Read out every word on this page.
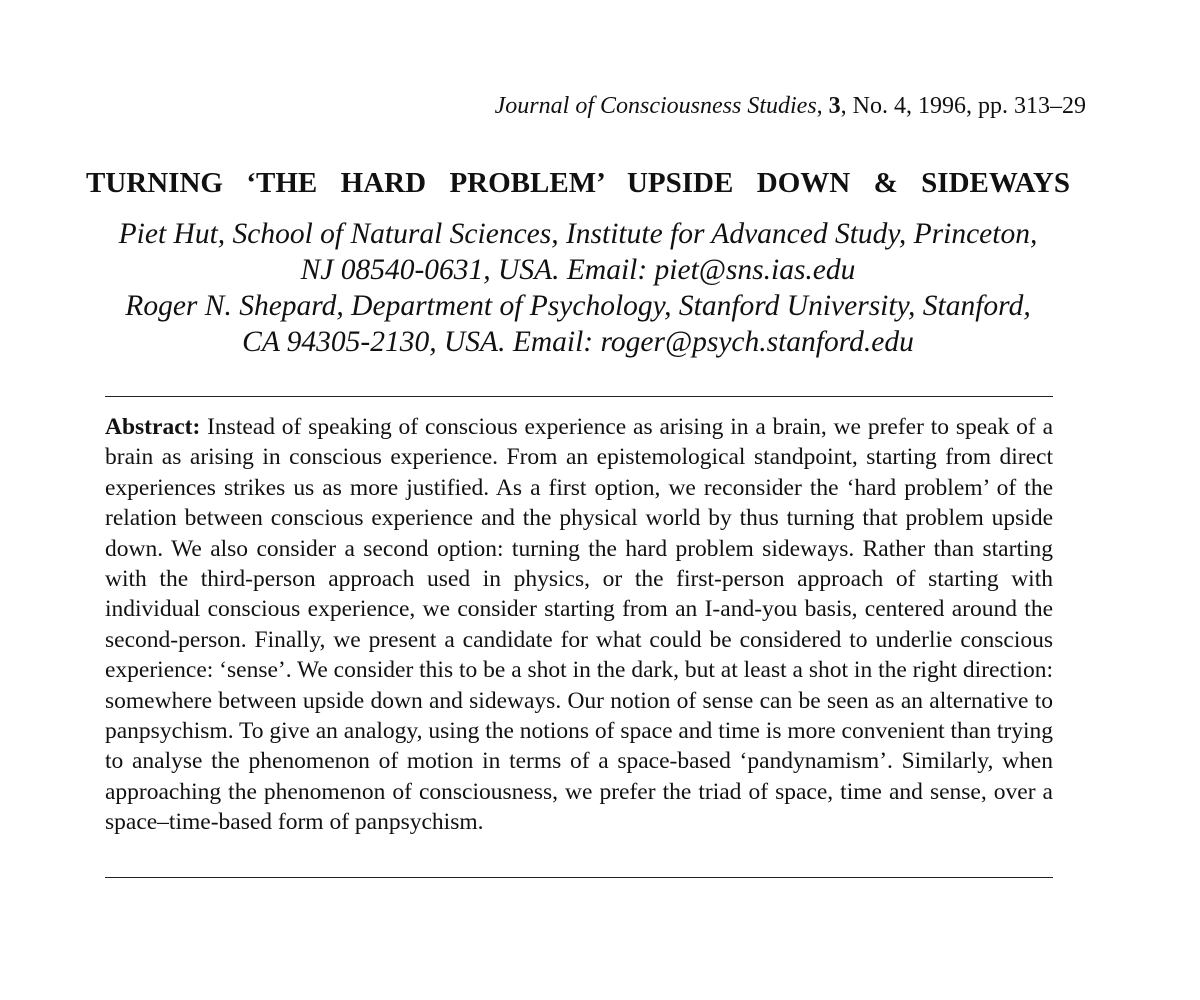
Journal of Consciousness Studies, 3, No. 4, 1996, pp. 313–29
TURNING ‘THE HARD PROBLEM’ UPSIDE DOWN & SIDEWAYS
Piet Hut, School of Natural Sciences, Institute for Advanced Study, Princeton,
NJ 08540-0631, USA. Email: piet@sns.ias.edu
Roger N. Shepard, Department of Psychology, Stanford University, Stanford,
CA 94305-2130, USA. Email: roger@psych.stanford.edu

Abstract: Instead of speaking of conscious experience as arising in a brain, we prefer to speak of a brain as arising in conscious experience. From an epistemological standpoint, starting from direct experiences strikes us as more justified. As a first option, we reconsider the ‘hard problem’ of the relation between conscious experience and the physical world by thus turning that problem upside down. We also consider a second option: turning the hard problem sideways. Rather than starting with the third-person approach used in physics, or the first-person approach of starting with individual conscious experience, we consider starting from an I-and-you basis, centered around the second-person. Finally, we present a candidate for what could be considered to underlie conscious experience: ‘sense’. We consider this to be a shot in the dark, but at least a shot in the right direction: somewhere between upside down and sideways. Our notion of sense can be seen as an alternative to panpsychism. To give an analogy, using the notions of space and time is more convenient than trying to analyse the phenomenon of motion in terms of a space-based ‘pandynamism’. Similarly, when approaching the phenomenon of consciousness, we prefer the triad of space, time and sense, over a space–time-based form of panpsychism.
